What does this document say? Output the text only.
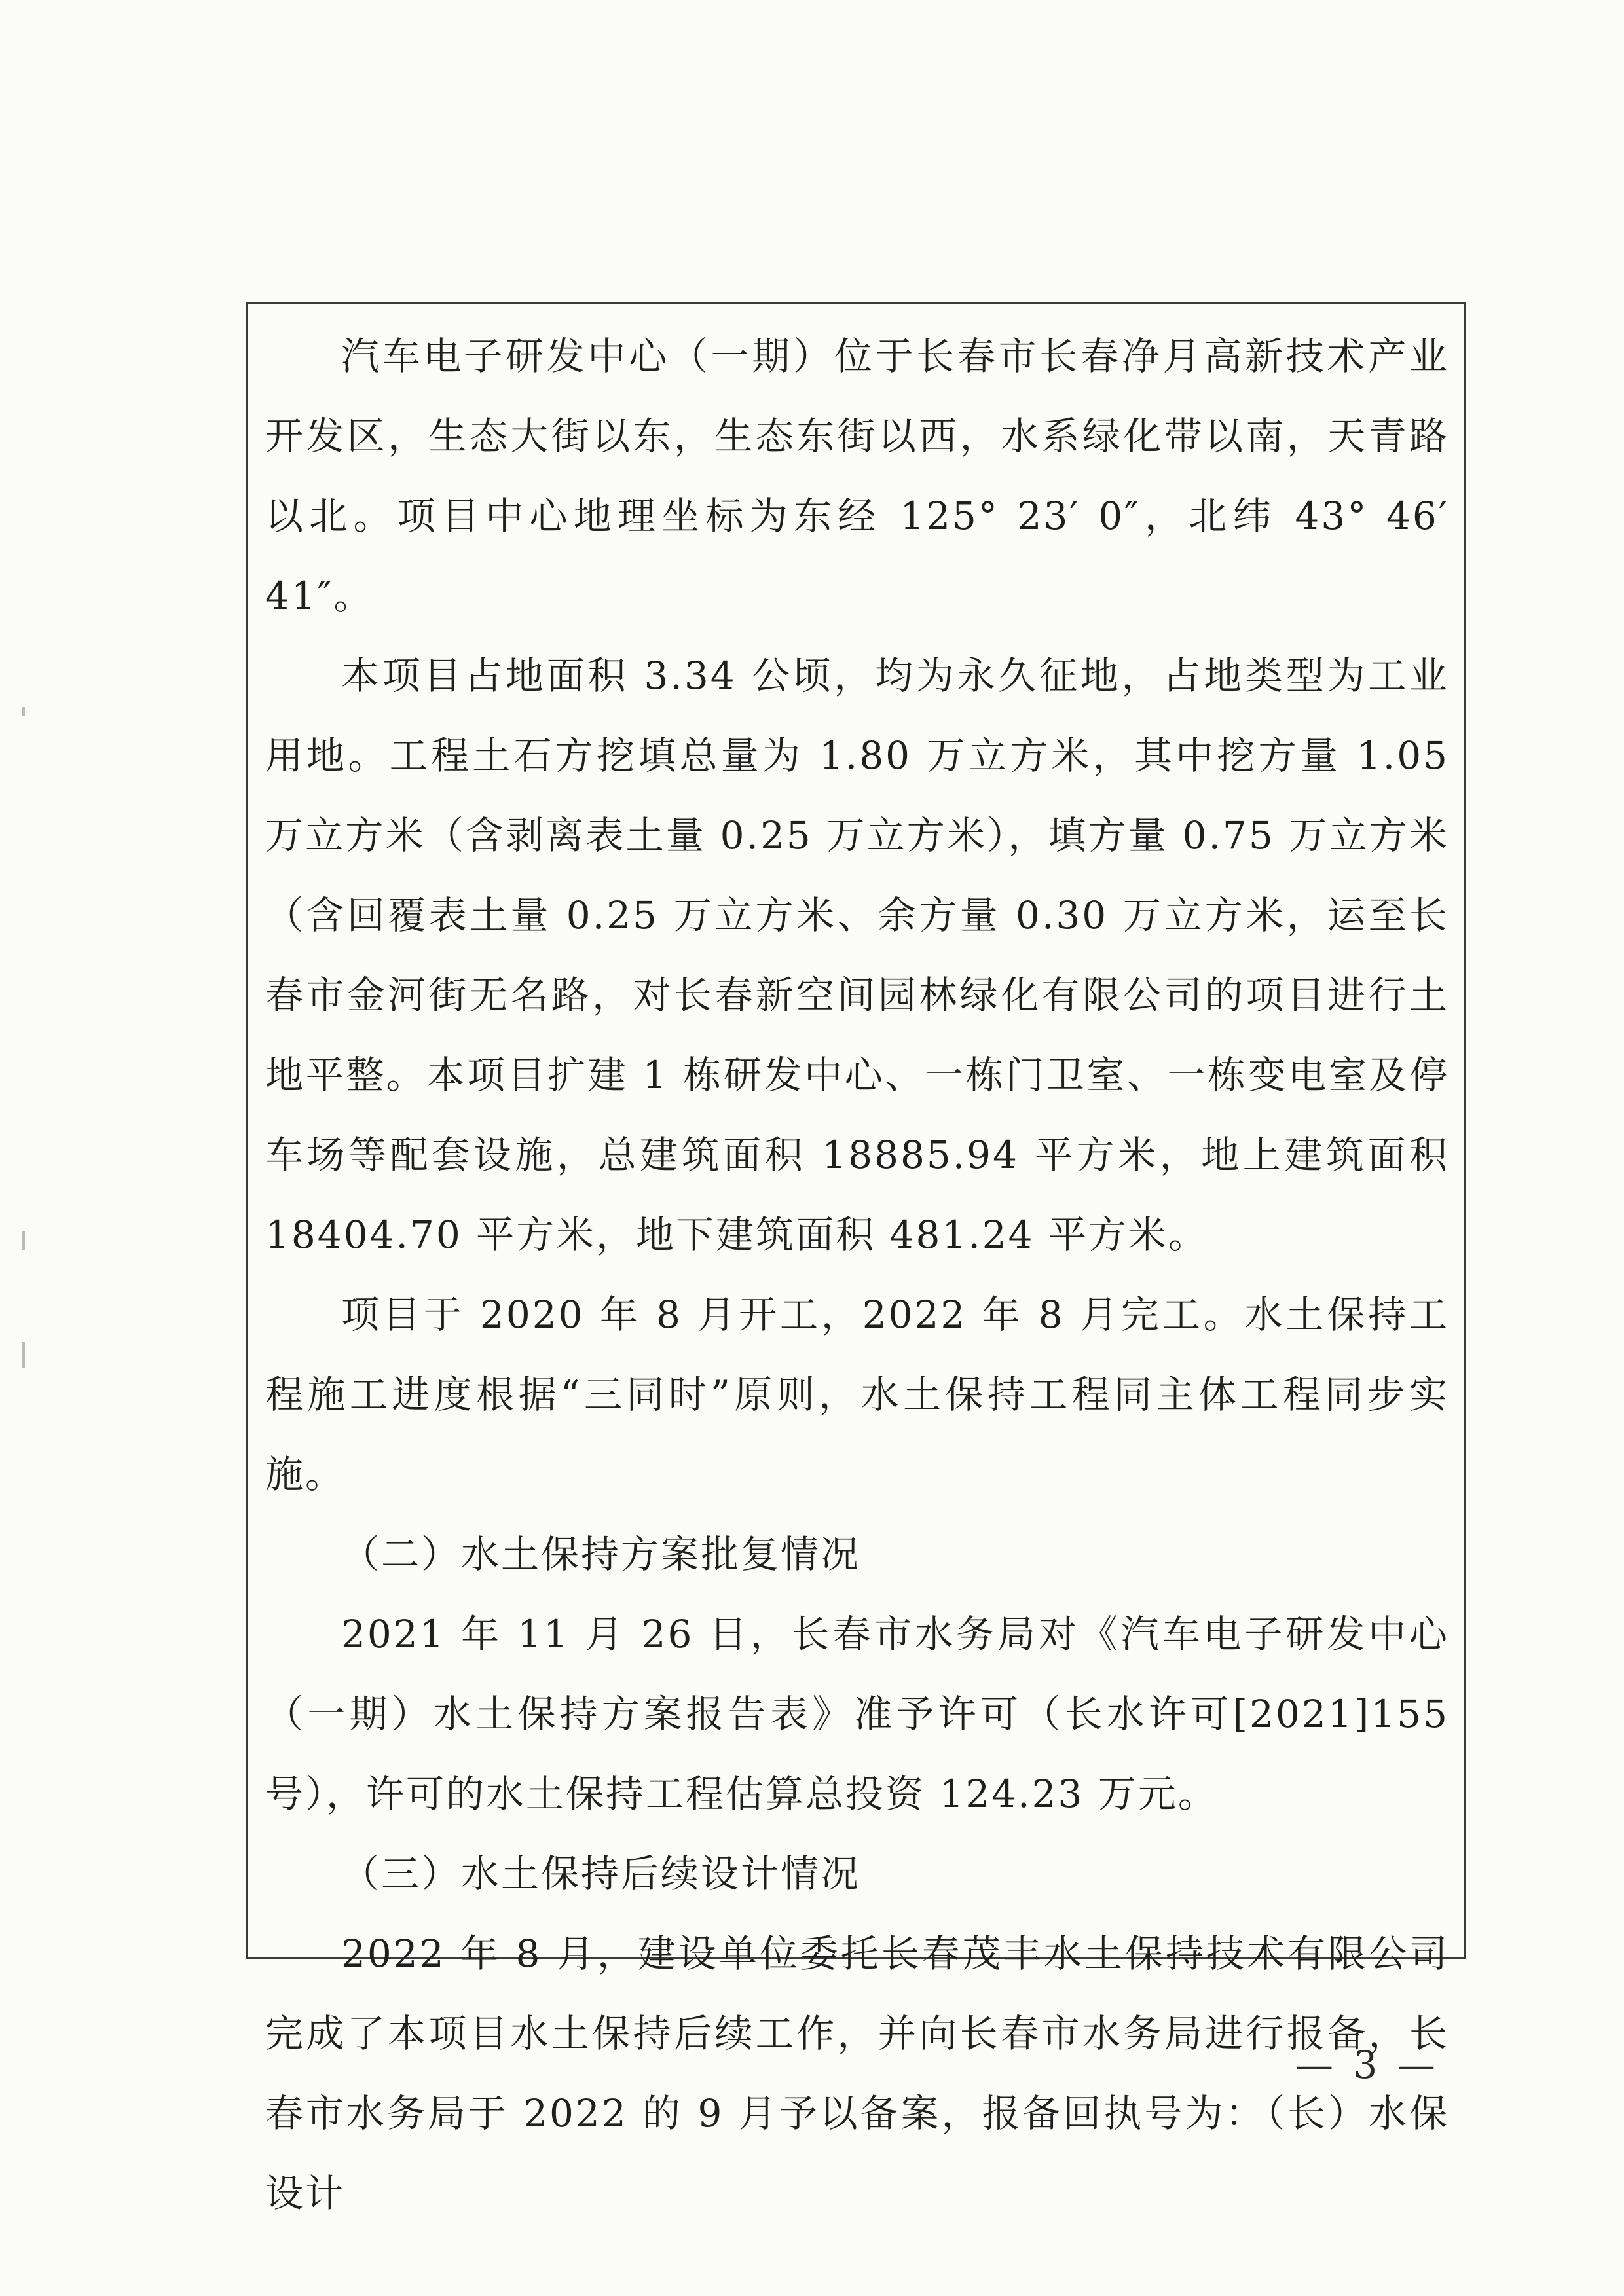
汽车电子研发中心（一期）位于长春市长春净月高新技术产业开发区，生态大街以东，生态东街以西，水系绿化带以南，天青路以北。项目中心地理坐标为东经 125° 23′ 0″，北纬 43° 46′ 41″。

本项目占地面积 3.34 公顷，均为永久征地，占地类型为工业用地。工程土石方挖填总量为 1.80 万立方米，其中挖方量 1.05 万立方米（含剥离表土量 0.25 万立方米），填方量 0.75 万立方米（含回覆表土量 0.25 万立方米、余方量 0.30 万立方米，运至长春市金河街无名路，对长春新空间园林绿化有限公司的项目进行土地平整。本项目扩建 1 栋研发中心、一栋门卫室、一栋变电室及停车场等配套设施，总建筑面积 18885.94 平方米，地上建筑面积 18404.70 平方米，地下建筑面积 481.24 平方米。

项目于 2020 年 8 月开工，2022 年 8 月完工。水土保持工程施工进度根据“三同时”原则，水土保持工程同主体工程同步实施。

（二）水土保持方案批复情况

2021 年 11 月 26 日，长春市水务局对《汽车电子研发中心（一期）水土保持方案报告表》准予许可（长水许可[2021]155 号），许可的水土保持工程估算总投资 124.23 万元。

（三）水土保持后续设计情况

2022 年 8 月，建设单位委托长春茂丰水土保持技术有限公司完成了本项目水土保持后续工作，并向长春市水务局进行报备，长春市水务局于 2022 的 9 月予以备案，报备回执号为：（长）水保设计

— 3 —
